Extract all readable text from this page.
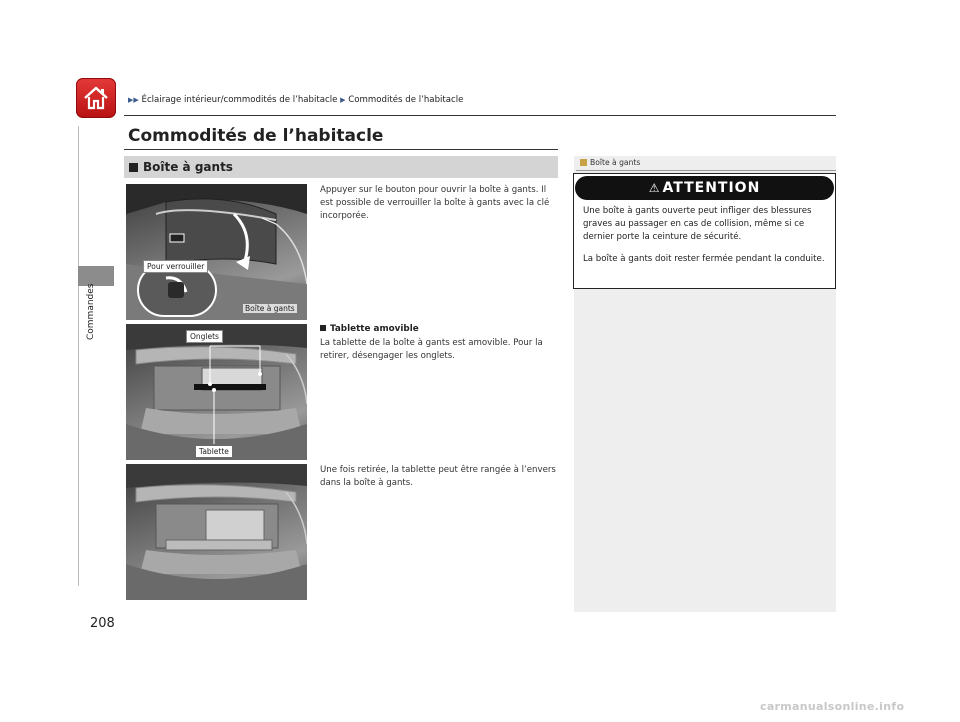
▶▶ Éclairage intérieur/commodités de l’habitacle ▶ Commodités de l’habitacle
Commandes
Commodités de l’habitacle
Boîte à gants
Pour verrouiller
Boîte à gants
Appuyer sur le bouton pour ouvrir la boîte à gants. Il est possible de verrouiller la boîte à gants avec la clé incorporée.
Onglets
Tablette
Tablette amovible
La tablette de la boîte à gants est amovible. Pour la retirer, désengager les onglets.
Une fois retirée, la tablette peut être rangée à l’envers dans la boîte à gants.
Boîte à gants
⚠ ATTENTION
Une boîte à gants ouverte peut infliger des blessures graves au passager en cas de collision, même si ce dernier porte la ceinture de sécurité.
La boîte à gants doit rester fermée pendant la conduite.
208
carmanualsonline.info
